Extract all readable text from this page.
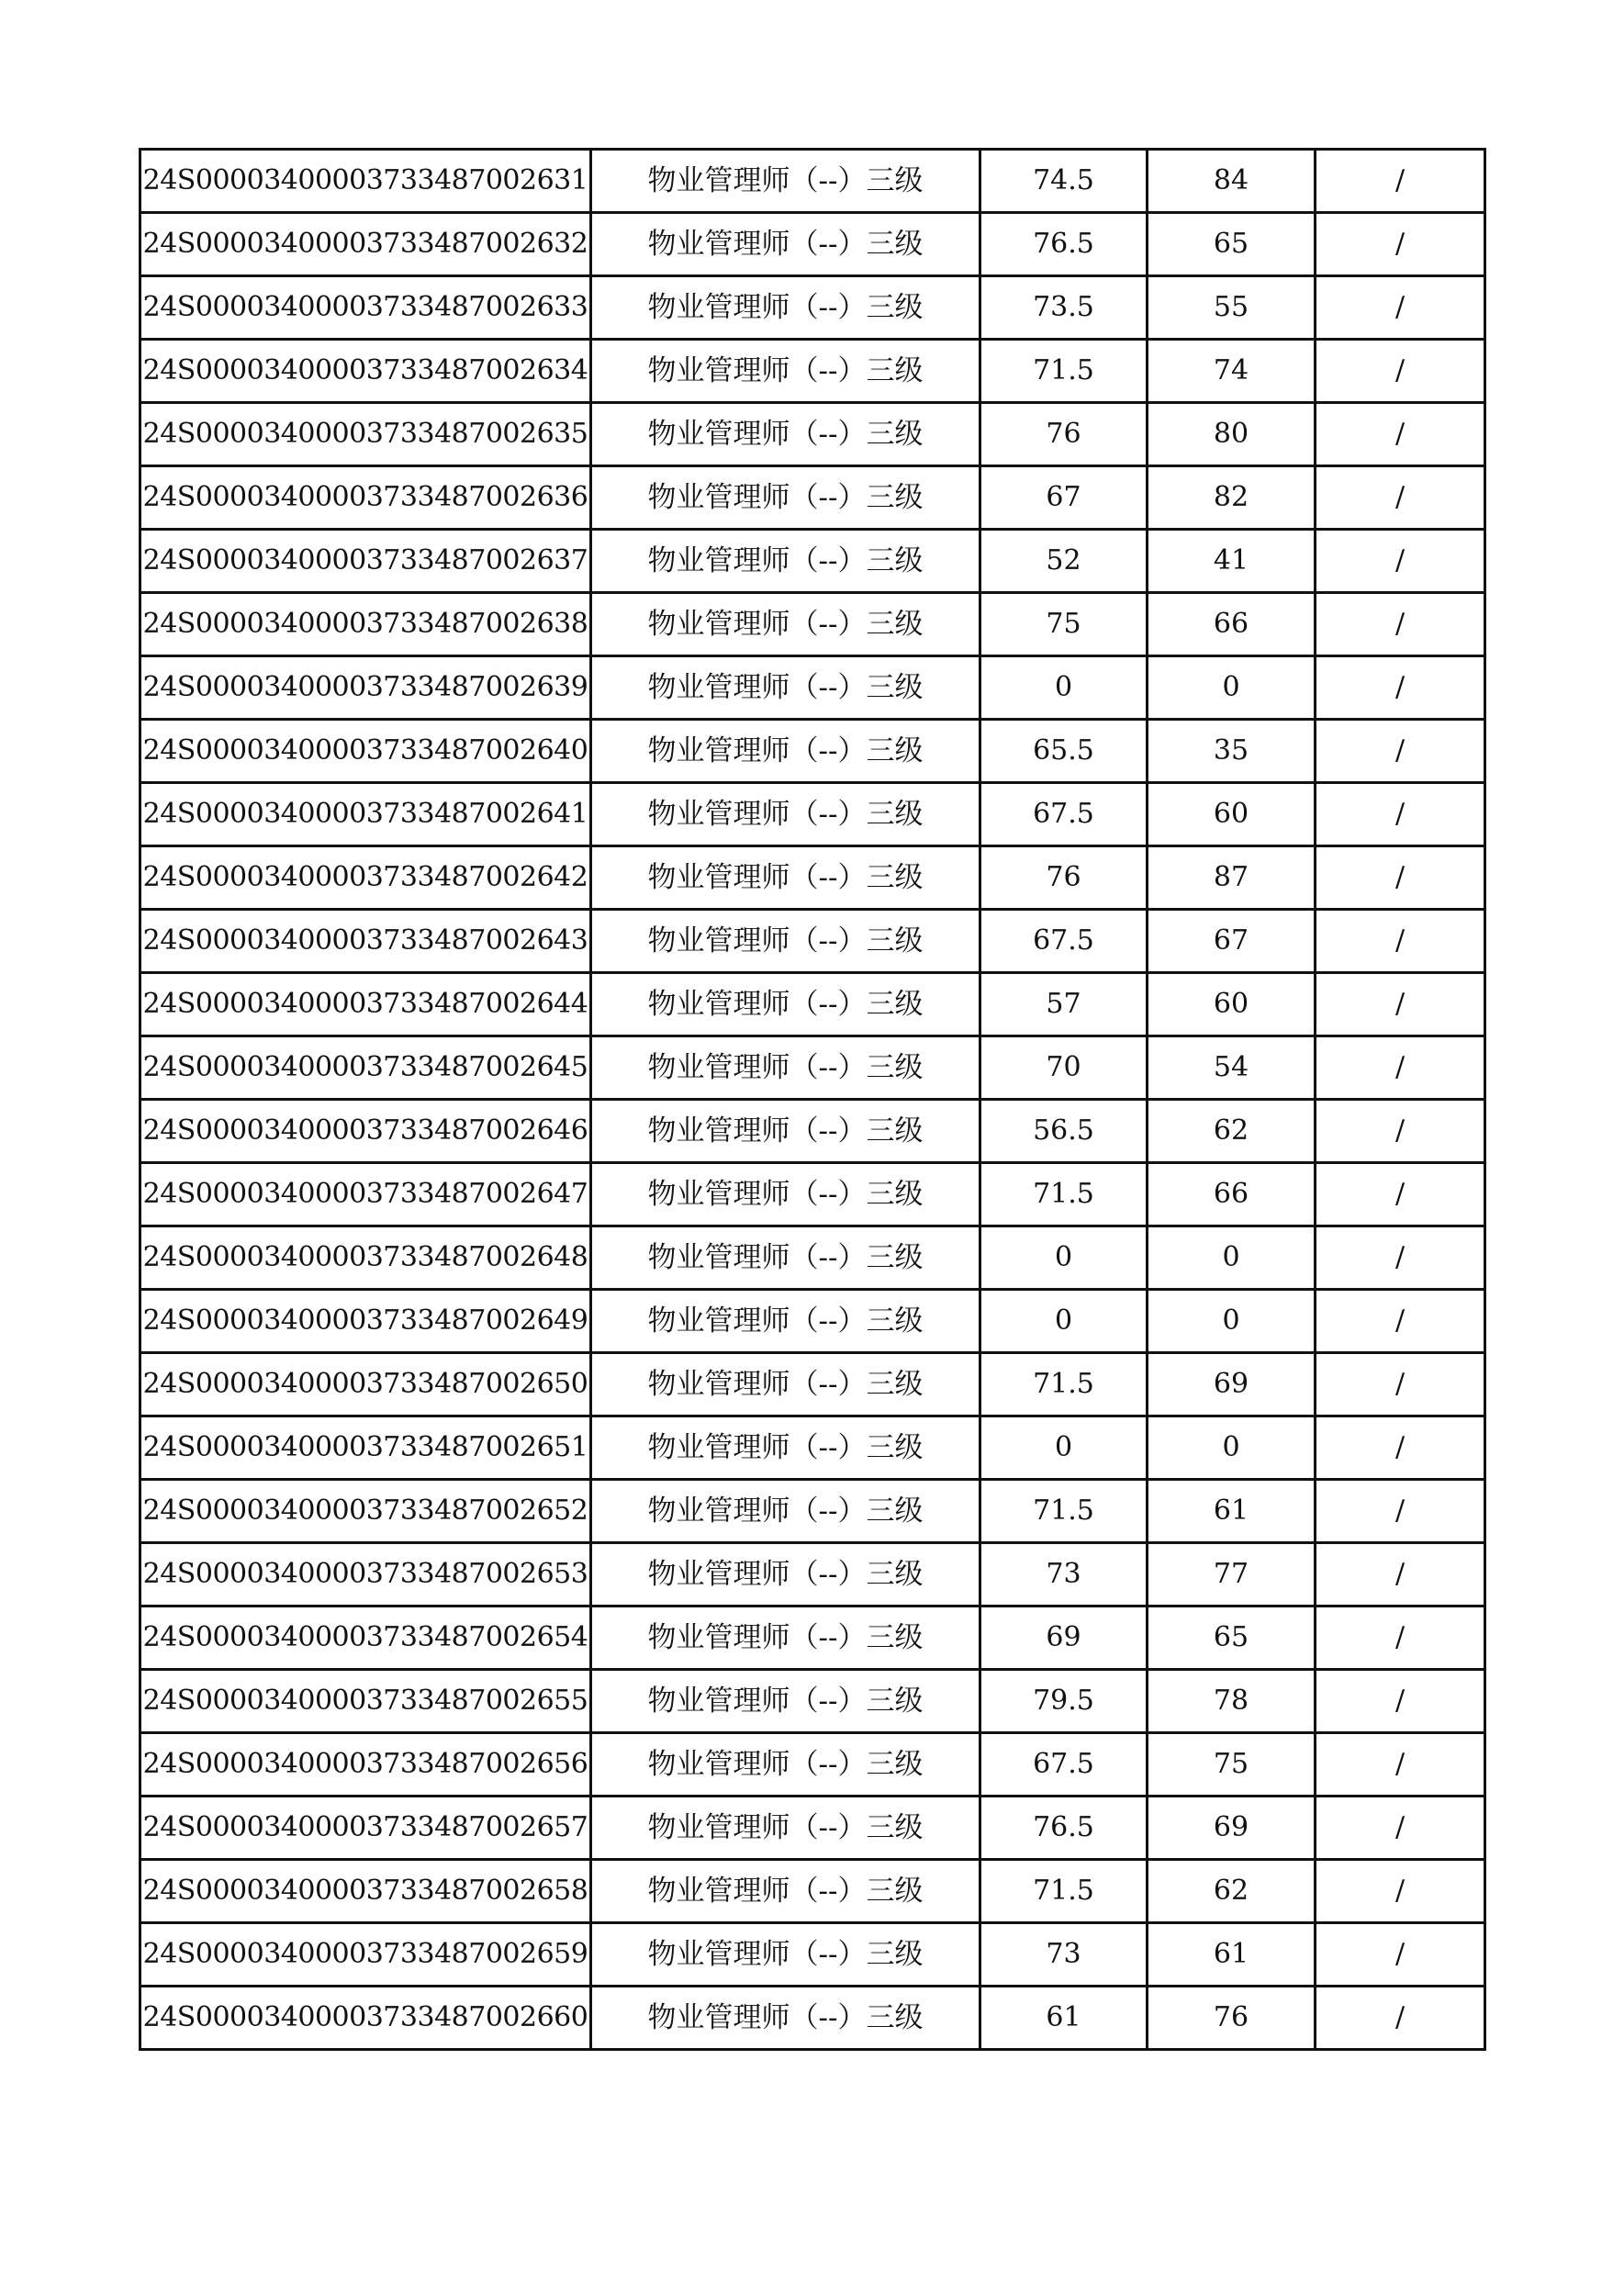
24S00003400003733487002631	物业管理师（--）三级	74.5	84	/
24S00003400003733487002632	物业管理师（--）三级	76.5	65	/
24S00003400003733487002633	物业管理师（--）三级	73.5	55	/
24S00003400003733487002634	物业管理师（--）三级	71.5	74	/
24S00003400003733487002635	物业管理师（--）三级	76	80	/
24S00003400003733487002636	物业管理师（--）三级	67	82	/
24S00003400003733487002637	物业管理师（--）三级	52	41	/
24S00003400003733487002638	物业管理师（--）三级	75	66	/
24S00003400003733487002639	物业管理师（--）三级	0	0	/
24S00003400003733487002640	物业管理师（--）三级	65.5	35	/
24S00003400003733487002641	物业管理师（--）三级	67.5	60	/
24S00003400003733487002642	物业管理师（--）三级	76	87	/
24S00003400003733487002643	物业管理师（--）三级	67.5	67	/
24S00003400003733487002644	物业管理师（--）三级	57	60	/
24S00003400003733487002645	物业管理师（--）三级	70	54	/
24S00003400003733487002646	物业管理师（--）三级	56.5	62	/
24S00003400003733487002647	物业管理师（--）三级	71.5	66	/
24S00003400003733487002648	物业管理师（--）三级	0	0	/
24S00003400003733487002649	物业管理师（--）三级	0	0	/
24S00003400003733487002650	物业管理师（--）三级	71.5	69	/
24S00003400003733487002651	物业管理师（--）三级	0	0	/
24S00003400003733487002652	物业管理师（--）三级	71.5	61	/
24S00003400003733487002653	物业管理师（--）三级	73	77	/
24S00003400003733487002654	物业管理师（--）三级	69	65	/
24S00003400003733487002655	物业管理师（--）三级	79.5	78	/
24S00003400003733487002656	物业管理师（--）三级	67.5	75	/
24S00003400003733487002657	物业管理师（--）三级	76.5	69	/
24S00003400003733487002658	物业管理师（--）三级	71.5	62	/
24S00003400003733487002659	物业管理师（--）三级	73	61	/
24S00003400003733487002660	物业管理师（--）三级	61	76	/
